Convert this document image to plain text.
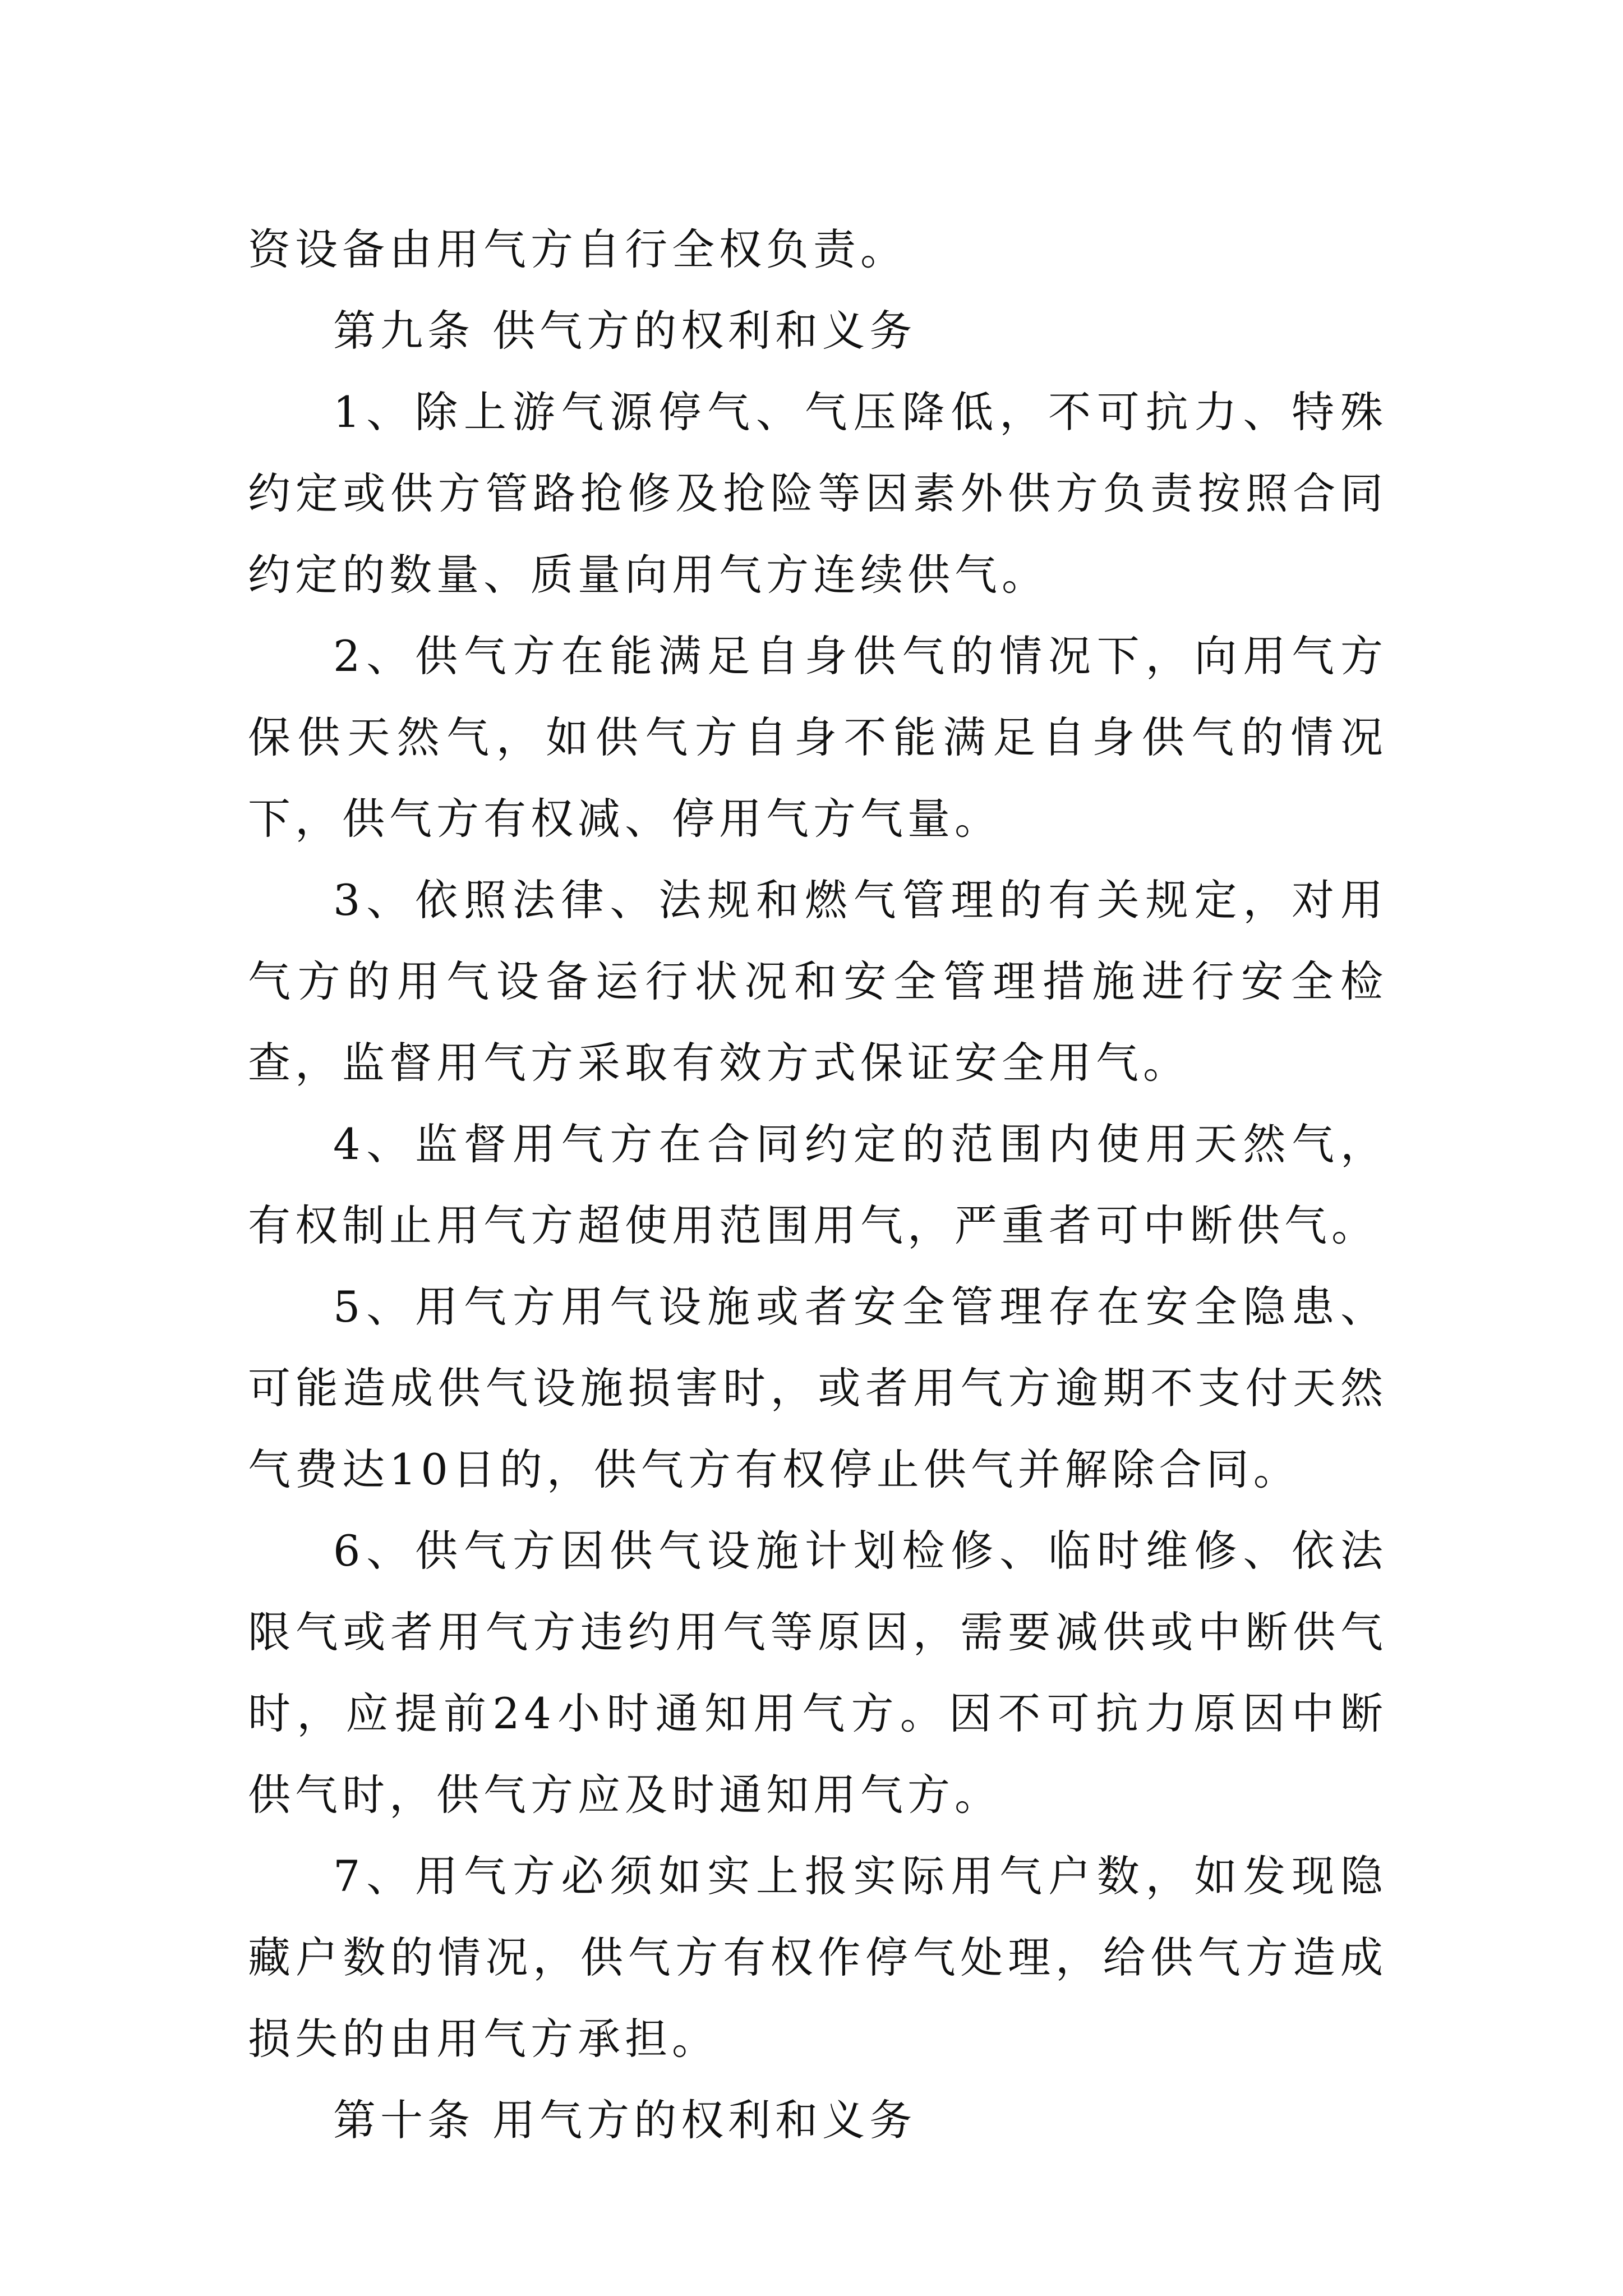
资设备由用气方自行全权负责。

第九条 供气方的权利和义务

1、除上游气源停气、气压降低，不可抗力、特殊约定或供方管路抢修及抢险等因素外供方负责按照合同约定的数量、质量向用气方连续供气。

2、供气方在能满足自身供气的情况下，向用气方保供天然气，如供气方自身不能满足自身供气的情况下，供气方有权减、停用气方气量。

3、依照法律、法规和燃气管理的有关规定，对用气方的用气设备运行状况和安全管理措施进行安全检查，监督用气方采取有效方式保证安全用气。

4、监督用气方在合同约定的范围内使用天然气，有权制止用气方超使用范围用气，严重者可中断供气。

5、用气方用气设施或者安全管理存在安全隐患、可能造成供气设施损害时，或者用气方逾期不支付天然气费达10日的，供气方有权停止供气并解除合同。

6、供气方因供气设施计划检修、临时维修、依法限气或者用气方违约用气等原因，需要减供或中断供气时，应提前24小时通知用气方。因不可抗力原因中断供气时，供气方应及时通知用气方。

7、用气方必须如实上报实际用气户数，如发现隐藏户数的情况，供气方有权作停气处理，给供气方造成损失的由用气方承担。

第十条 用气方的权利和义务
